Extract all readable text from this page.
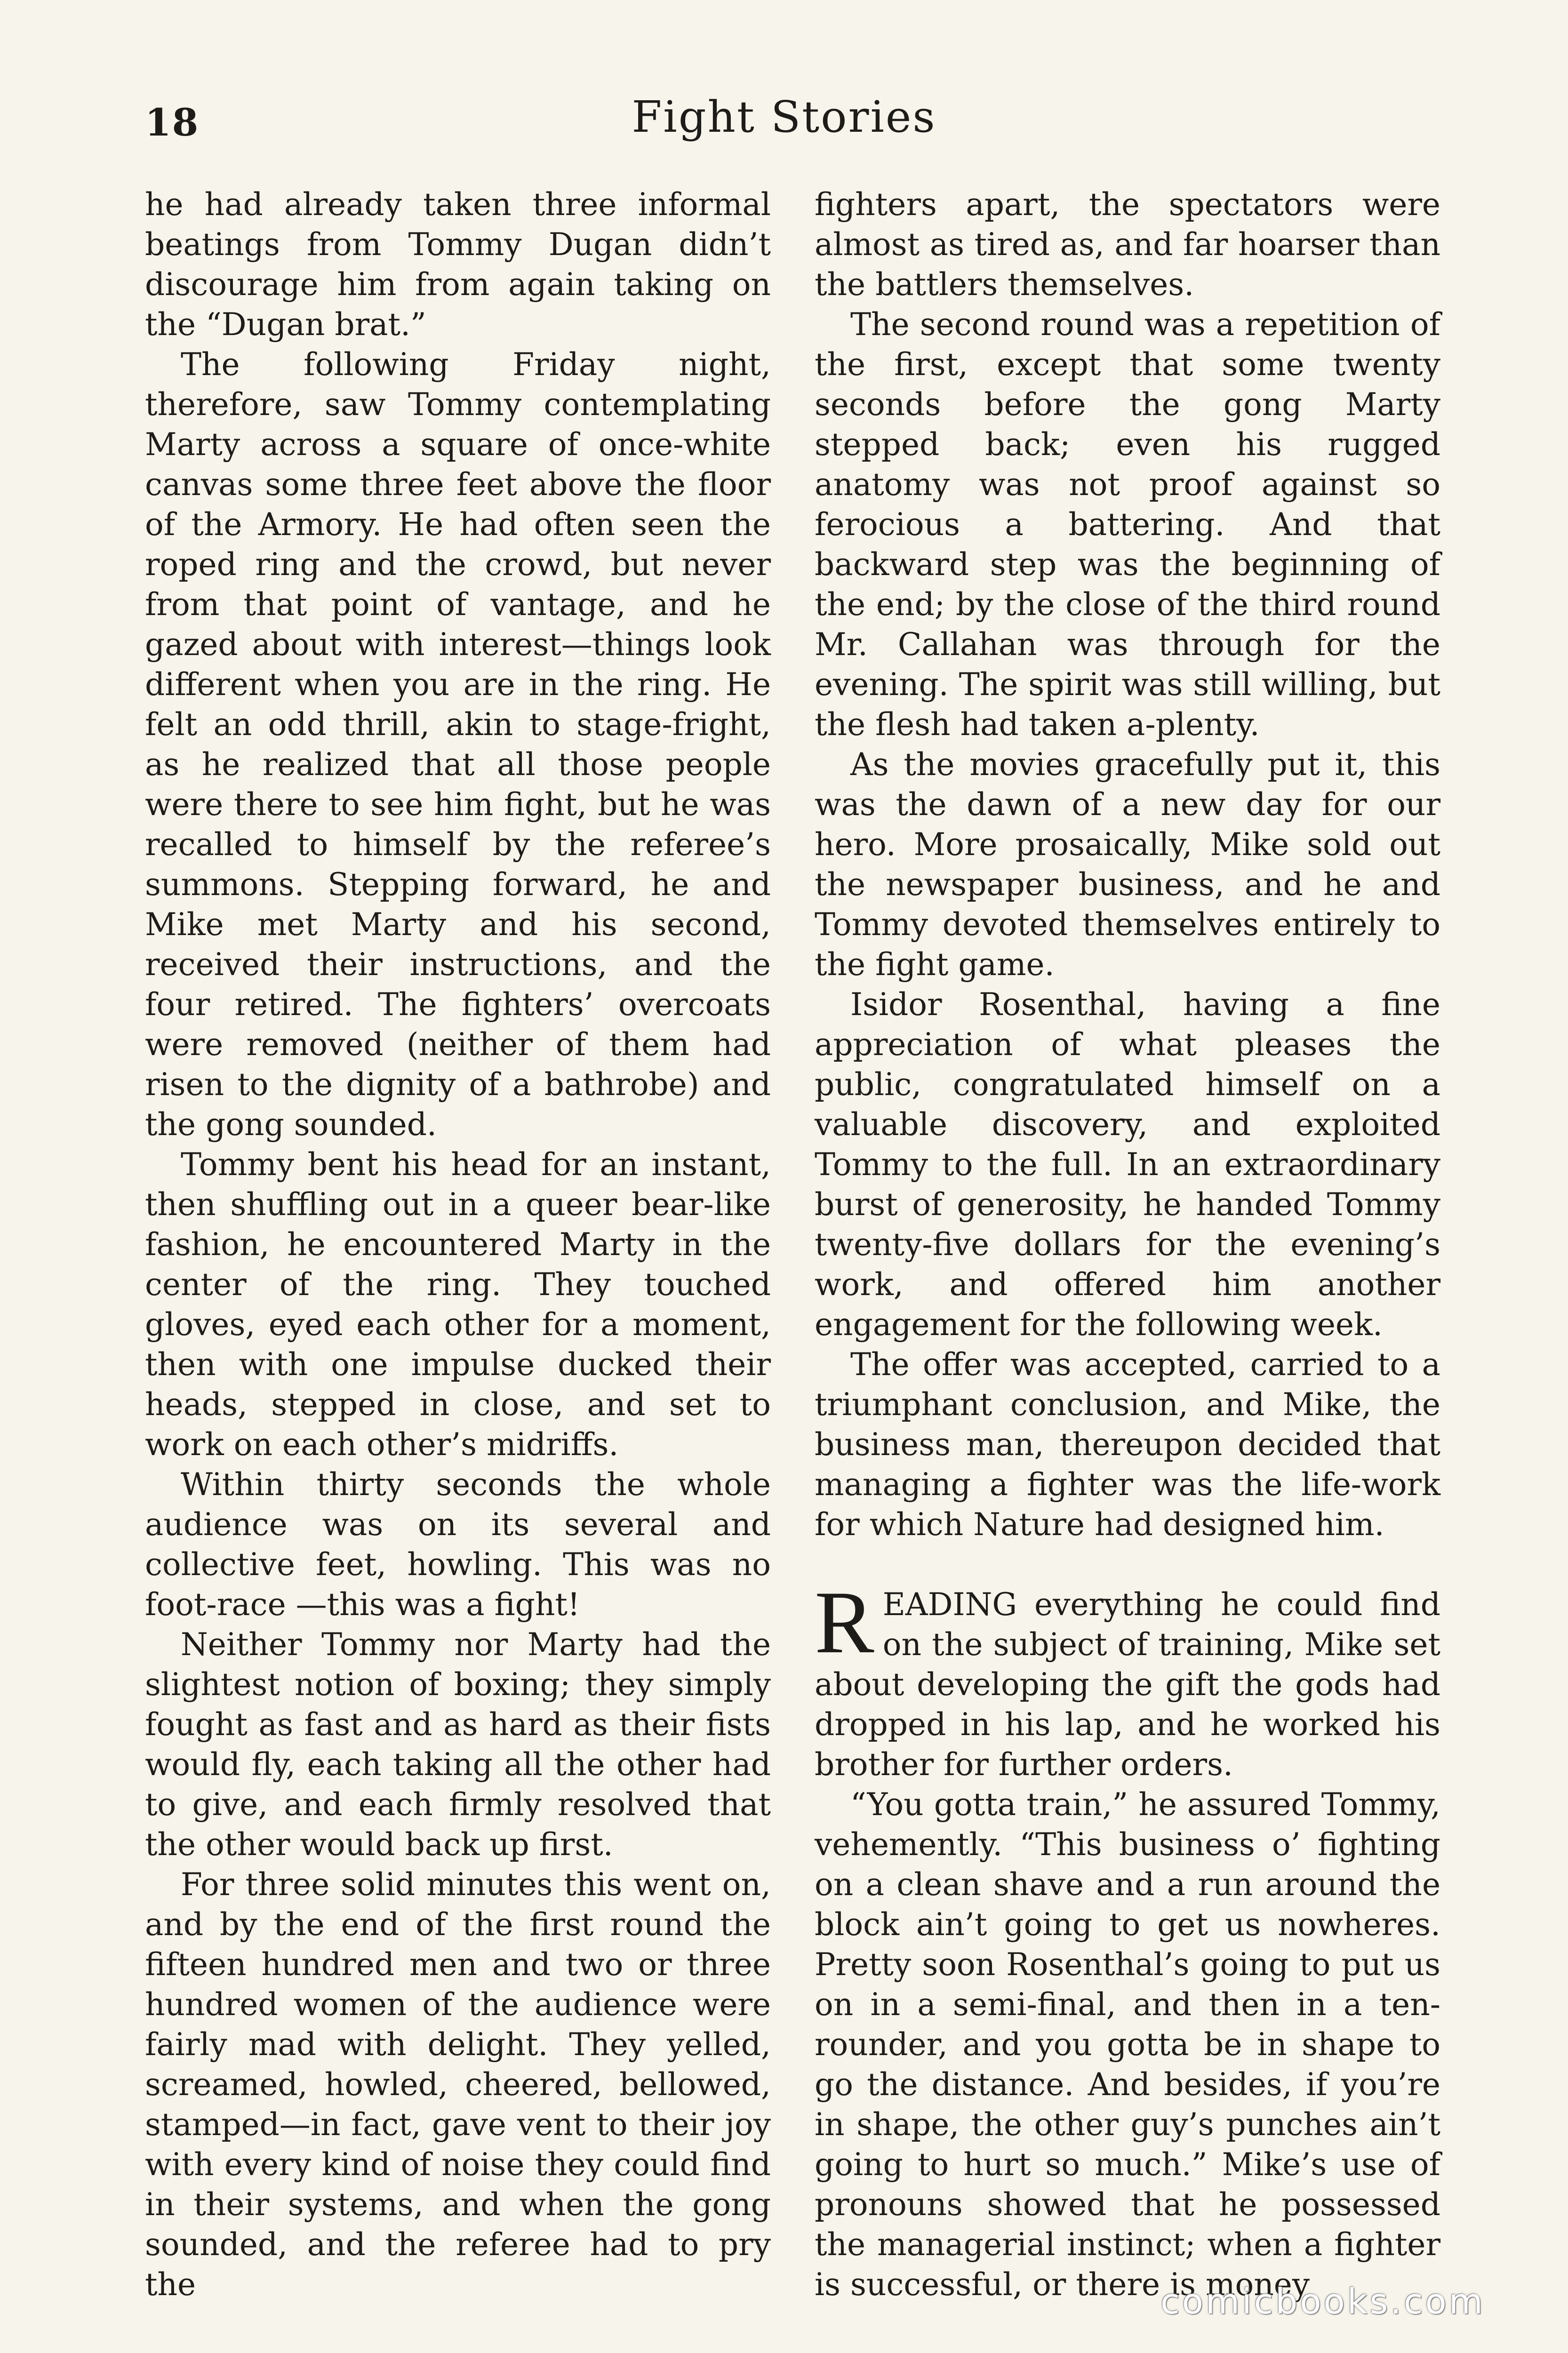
18	Fight Stories

he had already taken three informal beatings from Tommy Dugan didn’t discourage him from again taking on the “Dugan brat.”

The following Friday night, therefore, saw Tommy contemplating Marty across a square of once-white canvas some three feet above the floor of the Armory. He had often seen the roped ring and the crowd, but never from that point of vantage, and he gazed about with interest—things look different when you are in the ring. He felt an odd thrill, akin to stage-fright, as he realized that all those people were there to see him fight, but he was recalled to himself by the referee’s summons. Stepping forward, he and Mike met Marty and his second, received their instructions, and the four retired. The fighters’ overcoats were removed (neither of them had risen to the dignity of a bathrobe) and the gong sounded.

Tommy bent his head for an instant, then shuffling out in a queer bear-like fashion, he encountered Marty in the center of the ring. They touched gloves, eyed each other for a moment, then with one impulse ducked their heads, stepped in close, and set to work on each other’s midriffs.

Within thirty seconds the whole audience was on its several and collective feet, howling. This was no foot-race —this was a fight!

Neither Tommy nor Marty had the slightest notion of boxing; they simply fought as fast and as hard as their fists would fly, each taking all the other had to give, and each firmly resolved that the other would back up first.

For three solid minutes this went on, and by the end of the first round the fifteen hundred men and two or three hundred women of the audience were fairly mad with delight. They yelled, screamed, howled, cheered, bellowed, stamped—in fact, gave vent to their joy with every kind of noise they could find in their systems, and when the gong sounded, and the referee had to pry the

fighters apart, the spectators were almost as tired as, and far hoarser than the battlers themselves.

The second round was a repetition of the first, except that some twenty seconds before the gong Marty stepped back; even his rugged anatomy was not proof against so ferocious a battering. And that backward step was the beginning of the end; by the close of the third round Mr. Callahan was through for the evening. The spirit was still willing, but the flesh had taken a-plenty.

As the movies gracefully put it, this was the dawn of a new day for our hero. More prosaically, Mike sold out the newspaper business, and he and Tommy devoted themselves entirely to the fight game.

Isidor Rosenthal, having a fine appreciation of what pleases the public, congratulated himself on a valuable discovery, and exploited Tommy to the full. In an extraordinary burst of generosity, he handed Tommy twenty-five dollars for the evening’s work, and offered him another engagement for the following week.

The offer was accepted, carried to a triumphant conclusion, and Mike, the business man, thereupon decided that managing a fighter was the life-work for which Nature had designed him.

READING everything he could find on the subject of training, Mike set about developing the gift the gods had dropped in his lap, and he worked his brother for further orders.

“You gotta train,” he assured Tommy, vehemently. “This business o’ fighting on a clean shave and a run around the block ain’t going to get us nowheres. Pretty soon Rosenthal’s going to put us on in a semi-final, and then in a ten-rounder, and you gotta be in shape to go the distance. And besides, if you’re in shape, the other guy’s punches ain’t going to hurt so much.” Mike’s use of pronouns showed that he possessed the managerial instinct; when a fighter is successful, or there is money

comicbooks.com
